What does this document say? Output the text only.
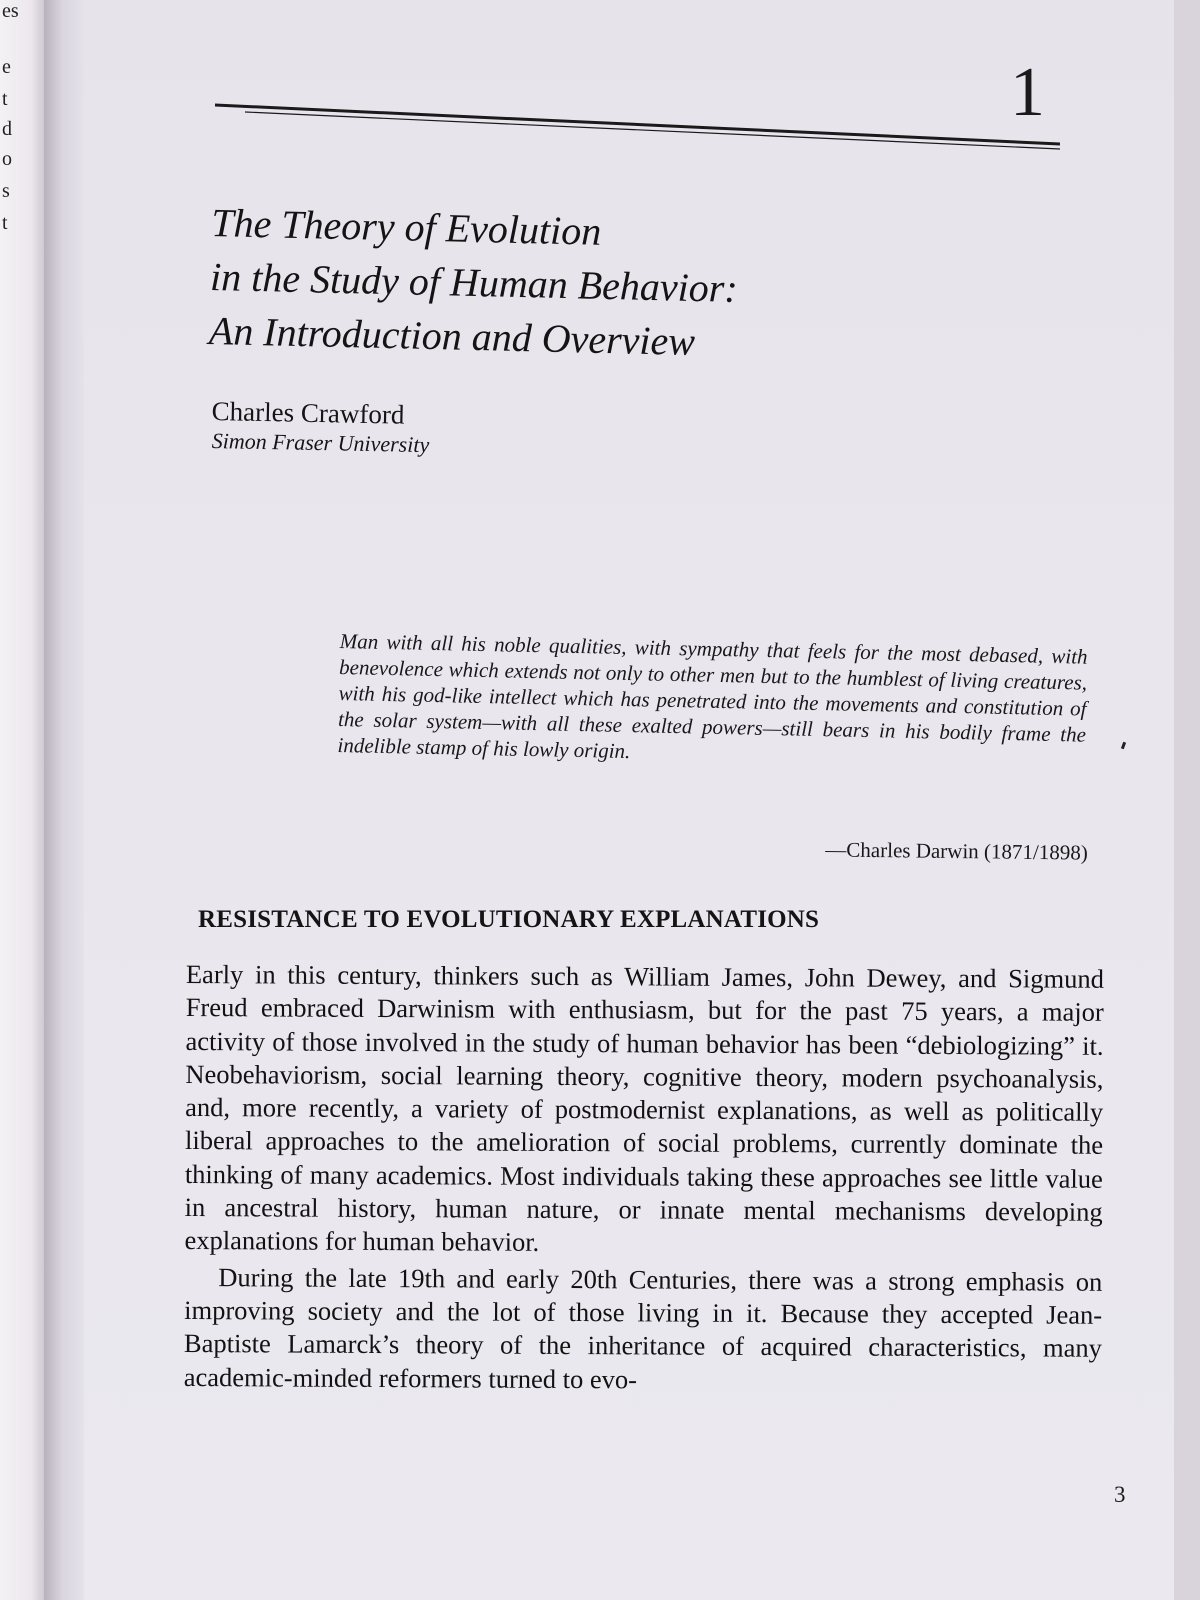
es
e
t
d
o
s
t

1
The Theory of Evolution
in the Study of Human Behavior:
An Introduction and Overview
Charles Crawford
Simon Fraser University
Man with all his noble qualities, with sympathy that feels for the most debased, with benevolence which extends not only to other men but to the humblest of living creatures, with his god-like intellect which has penetrated into the movements and constitution of the solar system—with all these exalted powers—still bears in his bodily frame the indelible stamp of his lowly origin.
—Charles Darwin (1871/1898)
RESISTANCE TO EVOLUTIONARY EXPLANATIONS

Early in this century, thinkers such as William James, John Dewey, and Sigmund Freud embraced Darwinism with enthusiasm, but for the past 75 years, a major activity of those involved in the study of human behavior has been “debiologizing” it. Neobehaviorism, social learning theory, cognitive theory, modern psychoanalysis, and, more recently, a variety of postmodernist explanations, as well as politically liberal approaches to the amelioration of social problems, currently dominate the thinking of many academics. Most individuals taking these approaches see little value in ancestral history, human nature, or innate mental mechanisms developing explanations for human behavior.

During the late 19th and early 20th Centuries, there was a strong emphasis on improving society and the lot of those living in it. Because they accepted Jean-Baptiste Lamarck’s theory of the inheritance of acquired characteristics, many academic-minded reformers turned to evo-

3
